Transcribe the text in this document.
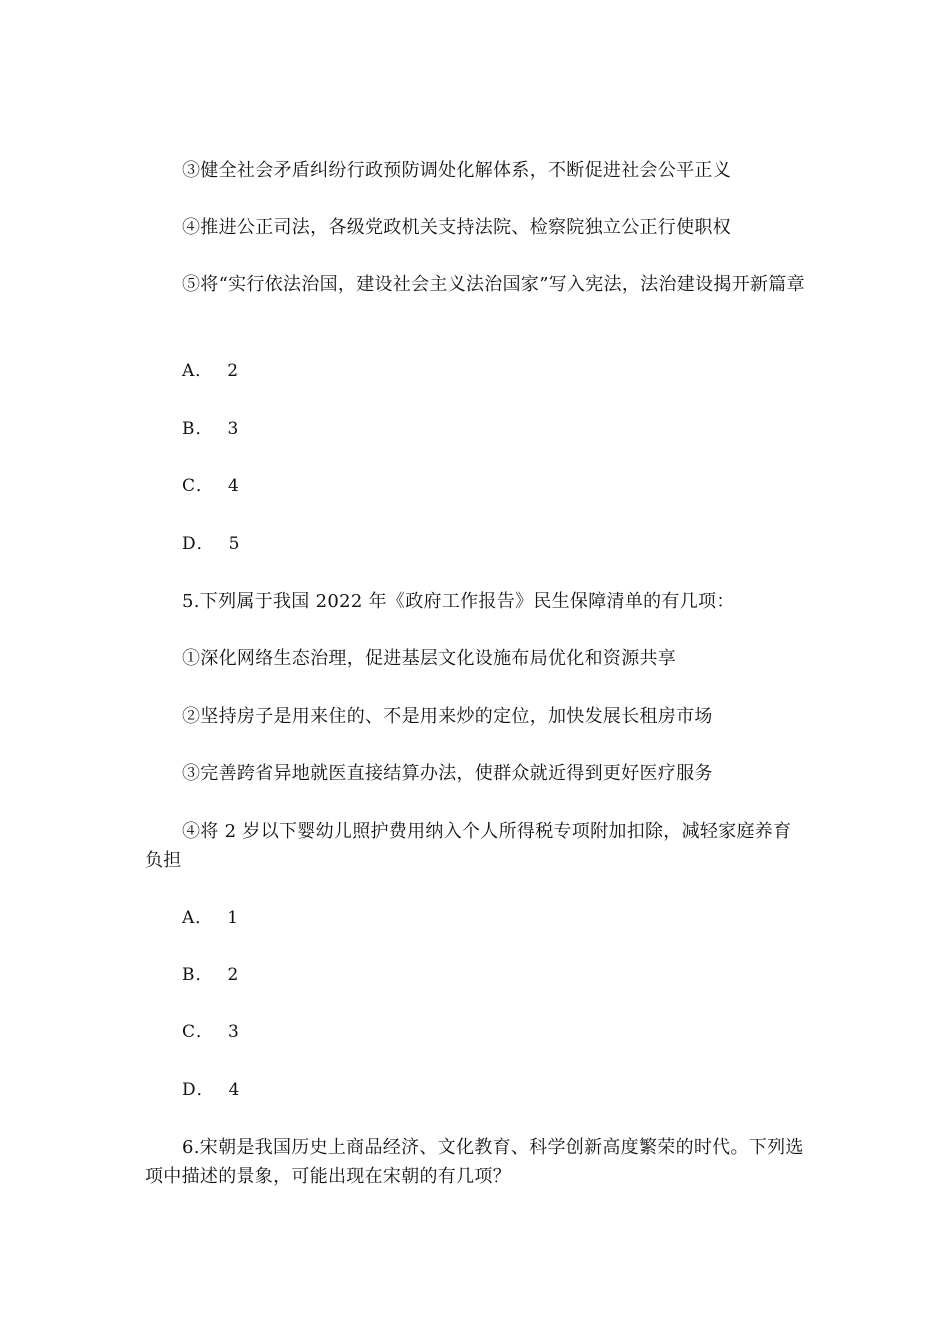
③健全社会矛盾纠纷行政预防调处化解体系，不断促进社会公平正义
④推进公正司法，各级党政机关支持法院、检察院独立公正行使职权
⑤将“实行依法治国，建设社会主义法治国家”写入宪法，法治建设揭开新篇章
A． 2
B． 3
C． 4
D． 5
5.下列属于我国 2022 年《政府工作报告》民生保障清单的有几项：
①深化网络生态治理，促进基层文化设施布局优化和资源共享
②坚持房子是用来住的、不是用来炒的定位，加快发展长租房市场
③完善跨省异地就医直接结算办法，使群众就近得到更好医疗服务
④将 2 岁以下婴幼儿照护费用纳入个人所得税专项附加扣除，减轻家庭养育负担
A． 1
B． 2
C． 3
D． 4
6.宋朝是我国历史上商品经济、文化教育、科学创新高度繁荣的时代。下列选项中描述的景象，可能出现在宋朝的有几项？
